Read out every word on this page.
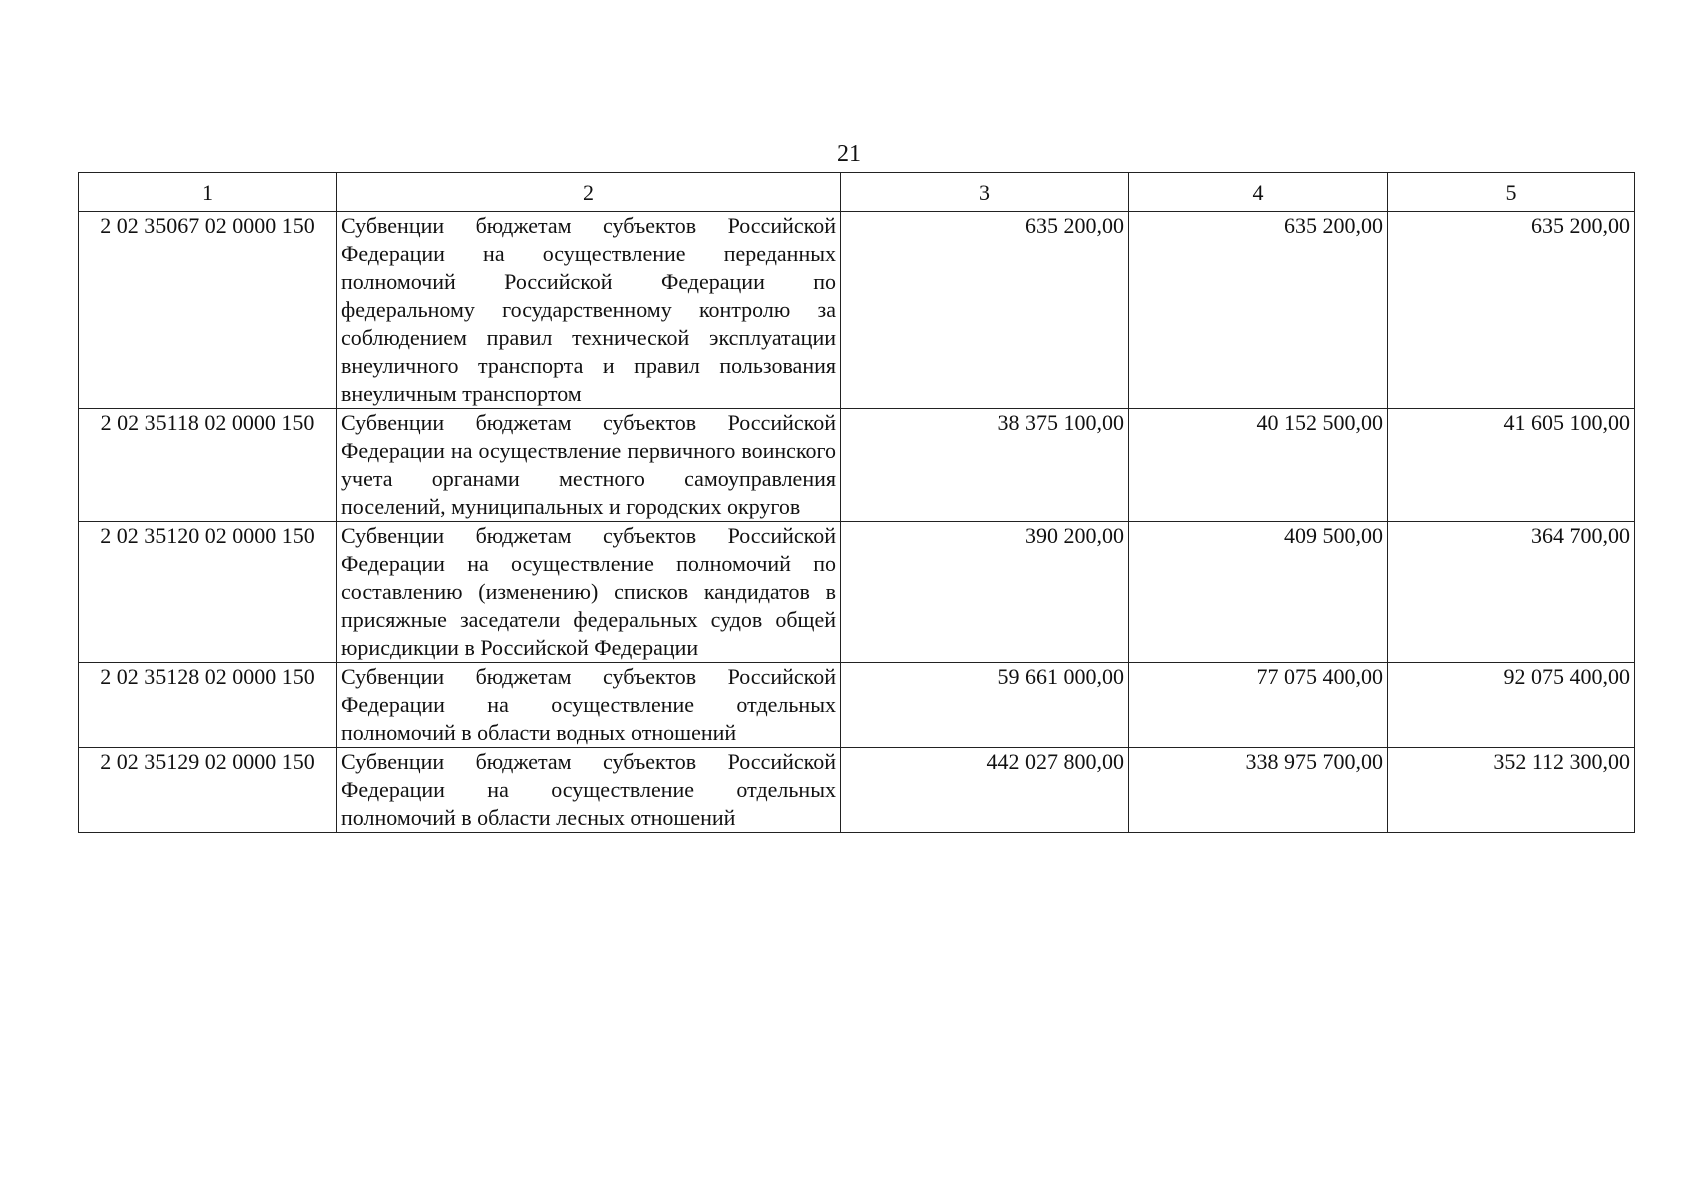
21
1	2	3	4	5
2 02 35067 02 0000 150	Субвенции бюджетам субъектов Российской Федерации на осуществление переданных полномочий Российской Федерации по федеральному государственному контролю за соблюдением правил технической эксплуатации внеуличного транспорта и правил пользования внеуличным транспортом	635 200,00	635 200,00	635 200,00
2 02 35118 02 0000 150	Субвенции бюджетам субъектов Российской Федерации на осуществление первичного воинского учета органами местного самоуправления поселений, муниципальных и городских округов	38 375 100,00	40 152 500,00	41 605 100,00
2 02 35120 02 0000 150	Субвенции бюджетам субъектов Российской Федерации на осуществление полномочий по составлению (изменению) списков кандидатов в присяжные заседатели федеральных судов общей юрисдикции в Российской Федерации	390 200,00	409 500,00	364 700,00
2 02 35128 02 0000 150	Субвенции бюджетам субъектов Российской Федерации на осуществление отдельных полномочий в области водных отношений	59 661 000,00	77 075 400,00	92 075 400,00
2 02 35129 02 0000 150	Субвенции бюджетам субъектов Российской Федерации на осуществление отдельных полномочий в области лесных отношений	442 027 800,00	338 975 700,00	352 112 300,00
